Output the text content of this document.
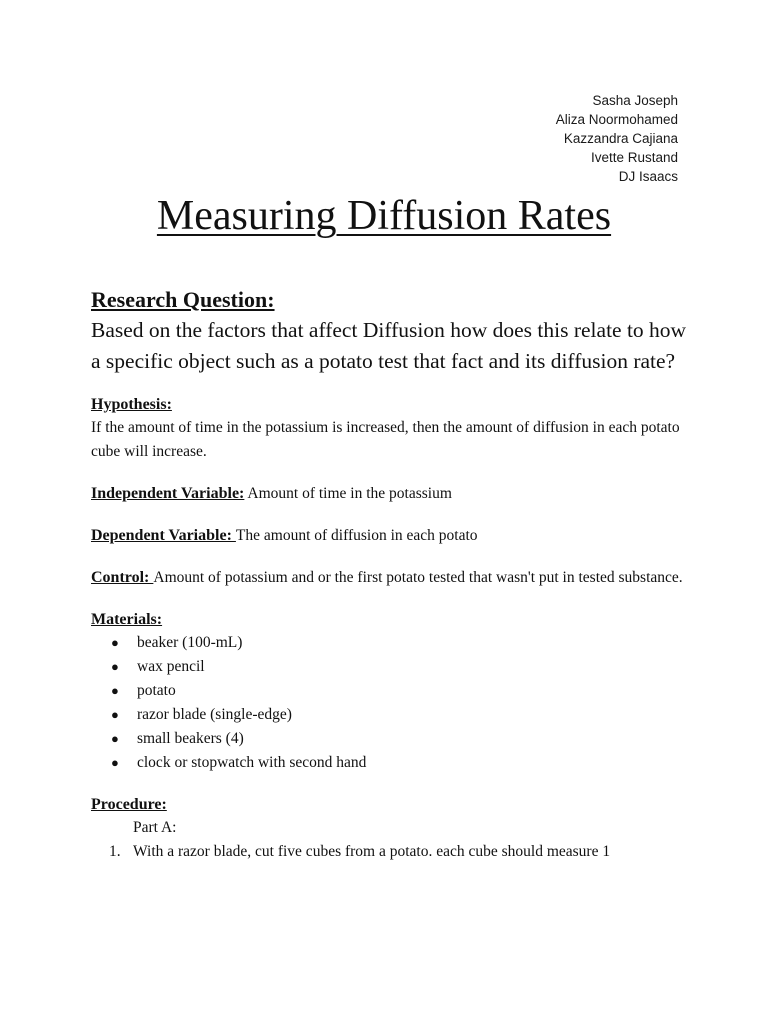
Sasha Joseph
Aliza Noormohamed
Kazzandra Cajiana
Ivette Rustand
DJ Isaacs
Measuring Diffusion Rates

Research Question:

Based on the factors that affect Diffusion how does this relate to how a specific object such as a potato test that fact and its diffusion rate?

Hypothesis:
If the amount of time in the potassium is increased, then the amount of diffusion in each potato cube will increase.
Independent Variable: Amount of time in the potassium
Dependent Variable: The amount of diffusion in each potato
Control: Amount of potassium and or the first potato tested that wasn't put in tested substance.
Materials:
● beaker (100-mL)
● wax pencil
● potato
● razor blade (single-edge)
● small beakers (4)
● clock or stopwatch with second hand
Procedure:
Part A:
1. With a razor blade, cut five cubes from a potato. each cube should measure 1
